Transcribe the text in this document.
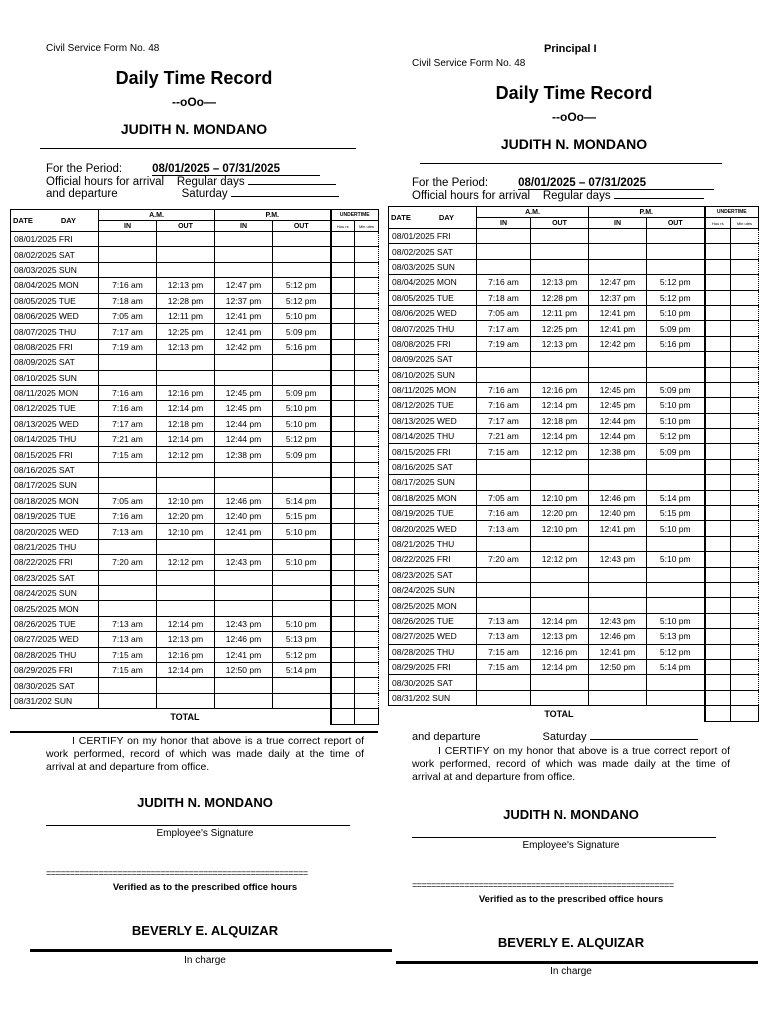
Civil Service Form No. 48
Daily Time Record
--oOo—
JUDITH N. MONDANO
For the Period:	08/01/2025 – 07/31/2025
Official hours for arrival Regular days
and departure	Saturday
DATE DAY	A.M.		P.M.		UNDERTIME	
	IN	OUT	IN	OUT	Hou rs	Min utes
08/01/2025 FRI						
08/02/2025 SAT						
08/03/2025 SUN						
08/04/2025 MON	7:16 am	12:13 pm	12:47 pm	5:12 pm		
08/05/2025 TUE	7:18 am	12:28 pm	12:37 pm	5:12 pm		
08/06/2025 WED	7:05 am	12:11 pm	12:41 pm	5:10 pm		
08/07/2025 THU	7:17 am	12:25 pm	12:41 pm	5:09 pm		
08/08/2025 FRI	7:19 am	12:13 pm	12:42 pm	5:16 pm		
08/09/2025 SAT						
08/10/2025 SUN						
08/11/2025 MON	7:16 am	12:16 pm	12:45 pm	5:09 pm		
08/12/2025 TUE	7:16 am	12:14 pm	12:45 pm	5:10 pm		
08/13/2025 WED	7:17 am	12:18 pm	12:44 pm	5:10 pm		
08/14/2025 THU	7:21 am	12:14 pm	12:44 pm	5:12 pm		
08/15/2025 FRI	7:15 am	12:12 pm	12:38 pm	5:09 pm		
08/16/2025 SAT						
08/17/2025 SUN						
08/18/2025 MON	7:05 am	12:10 pm	12:46 pm	5:14 pm		
08/19/2025 TUE	7:16 am	12:20 pm	12:40 pm	5:15 pm		
08/20/2025 WED	7:13 am	12:10 pm	12:41 pm	5:10 pm		
08/21/2025 THU						
08/22/2025 FRI	7:20 am	12:12 pm	12:43 pm	5:10 pm		
08/23/2025 SAT						
08/24/2025 SUN						
08/25/2025 MON						
08/26/2025 TUE	7:13 am	12:14 pm	12:43 pm	5:10 pm		
08/27/2025 WED	7:13 am	12:13 pm	12:46 pm	5:13 pm		
08/28/2025 THU	7:15 am	12:16 pm	12:41 pm	5:12 pm		
08/29/2025 FRI	7:15 am	12:14 pm	12:50 pm	5:14 pm		
08/30/2025 SAT						
08/31/202 SUN						
TOTAL						
I CERTIFY on my honor that above is a true correct report of work performed, record of which was made daily at the time of arrival at and departure from office.
JUDITH N. MONDANO
Employee's Signature
=======================================================
Verified as to the prescribed office hours
BEVERLY E. ALQUIZAR
In charge
Principal I
Civil Service Form No. 48
Daily Time Record
--oOo—
JUDITH N. MONDANO
For the Period:	08/01/2025 – 07/31/2025
Official hours for arrival Regular days
DATE DAY	A.M.		P.M.		UNDERTIME	
	IN	OUT	IN	OUT	Hou rs	Min utes
08/01/2025 FRI						
08/02/2025 SAT						
08/03/2025 SUN						
08/04/2025 MON	7:16 am	12:13 pm	12:47 pm	5:12 pm		
08/05/2025 TUE	7:18 am	12:28 pm	12:37 pm	5:12 pm		
08/06/2025 WED	7:05 am	12:11 pm	12:41 pm	5:10 pm		
08/07/2025 THU	7:17 am	12:25 pm	12:41 pm	5:09 pm		
08/08/2025 FRI	7:19 am	12:13 pm	12:42 pm	5:16 pm		
08/09/2025 SAT						
08/10/2025 SUN						
08/11/2025 MON	7:16 am	12:16 pm	12:45 pm	5:09 pm		
08/12/2025 TUE	7:16 am	12:14 pm	12:45 pm	5:10 pm		
08/13/2025 WED	7:17 am	12:18 pm	12:44 pm	5:10 pm		
08/14/2025 THU	7:21 am	12:14 pm	12:44 pm	5:12 pm		
08/15/2025 FRI	7:15 am	12:12 pm	12:38 pm	5:09 pm		
08/16/2025 SAT						
08/17/2025 SUN						
08/18/2025 MON	7:05 am	12:10 pm	12:46 pm	5:14 pm		
08/19/2025 TUE	7:16 am	12:20 pm	12:40 pm	5:15 pm		
08/20/2025 WED	7:13 am	12:10 pm	12:41 pm	5:10 pm		
08/21/2025 THU						
08/22/2025 FRI	7:20 am	12:12 pm	12:43 pm	5:10 pm		
08/23/2025 SAT						
08/24/2025 SUN						
08/25/2025 MON						
08/26/2025 TUE	7:13 am	12:14 pm	12:43 pm	5:10 pm		
08/27/2025 WED	7:13 am	12:13 pm	12:46 pm	5:13 pm		
08/28/2025 THU	7:15 am	12:16 pm	12:41 pm	5:12 pm		
08/29/2025 FRI	7:15 am	12:14 pm	12:50 pm	5:14 pm		
08/30/2025 SAT						
08/31/202 SUN						
TOTAL						
and departure	Saturday
I CERTIFY on my honor that above is a true correct report of work performed, record of which was made daily at the time of arrival at and departure from office.
JUDITH N. MONDANO
Employee's Signature
=======================================================
Verified as to the prescribed office hours
BEVERLY E. ALQUIZAR
In charge
